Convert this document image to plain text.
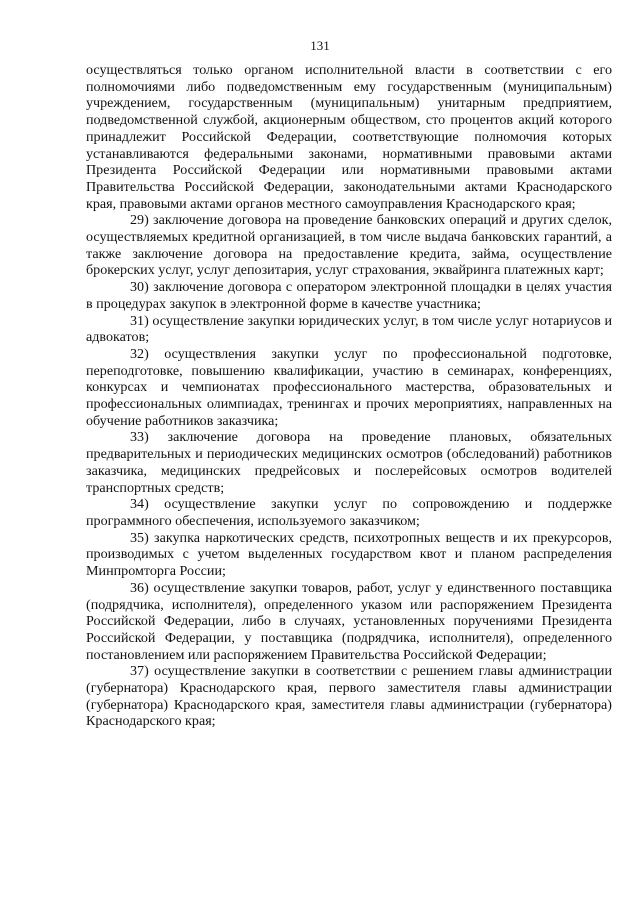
131

осуществляться только органом исполнительной власти в соответствии с его полномочиями либо подведомственным ему государственным (муниципальным) учреждением, государственным (муниципальным) унитарным предприятием, подведомственной службой, акционерным обществом, сто процентов акций которого принадлежит Российской Федерации, соответствующие полномочия которых устанавливаются федеральными законами, нормативными правовыми актами Президента Российской Федерации или нормативными правовыми актами Правительства Российской Федерации, законодательными актами Краснодарского края, правовыми актами органов местного самоуправления Краснодарского края;

29) заключение договора на проведение банковских операций и других сделок, осуществляемых кредитной организацией, в том числе выдача банковских гарантий, а также заключение договора на предоставление кредита, займа, осуществление брокерских услуг, услуг депозитария, услуг страхования, эквайринга платежных карт;

30) заключение договора с оператором электронной площадки в целях участия в процедурах закупок в электронной форме в качестве участника;

31) осуществление закупки юридических услуг, в том числе услуг нотариусов и адвокатов;

32) осуществления закупки услуг по профессиональной подготовке, переподготовке, повышению квалификации, участию в семинарах, конференциях, конкурсах и чемпионатах профессионального мастерства, образовательных и профессиональных олимпиадах, тренингах и прочих мероприятиях, направленных на обучение работников заказчика;

33) заключение договора на проведение плановых, обязательных предварительных и периодических медицинских осмотров (обследований) работников заказчика, медицинских предрейсовых и послерейсовых осмотров водителей транспортных средств;

34) осуществление закупки услуг по сопровождению и поддержке программного обеспечения, используемого заказчиком;

35) закупка наркотических средств, психотропных веществ и их прекурсоров, производимых с учетом выделенных государством квот и планом распределения Минпромторга России;

36) осуществление закупки товаров, работ, услуг у единственного поставщика (подрядчика, исполнителя), определенного указом или распоряжением Президента Российской Федерации, либо в случаях, установленных поручениями Президента Российской Федерации, у поставщика (подрядчика, исполнителя), определенного постановлением или распоряжением Правительства Российской Федерации;

37) осуществление закупки в соответствии с решением главы администрации (губернатора) Краснодарского края, первого заместителя главы администрации (губернатора) Краснодарского края, заместителя главы администрации (губернатора) Краснодарского края;
